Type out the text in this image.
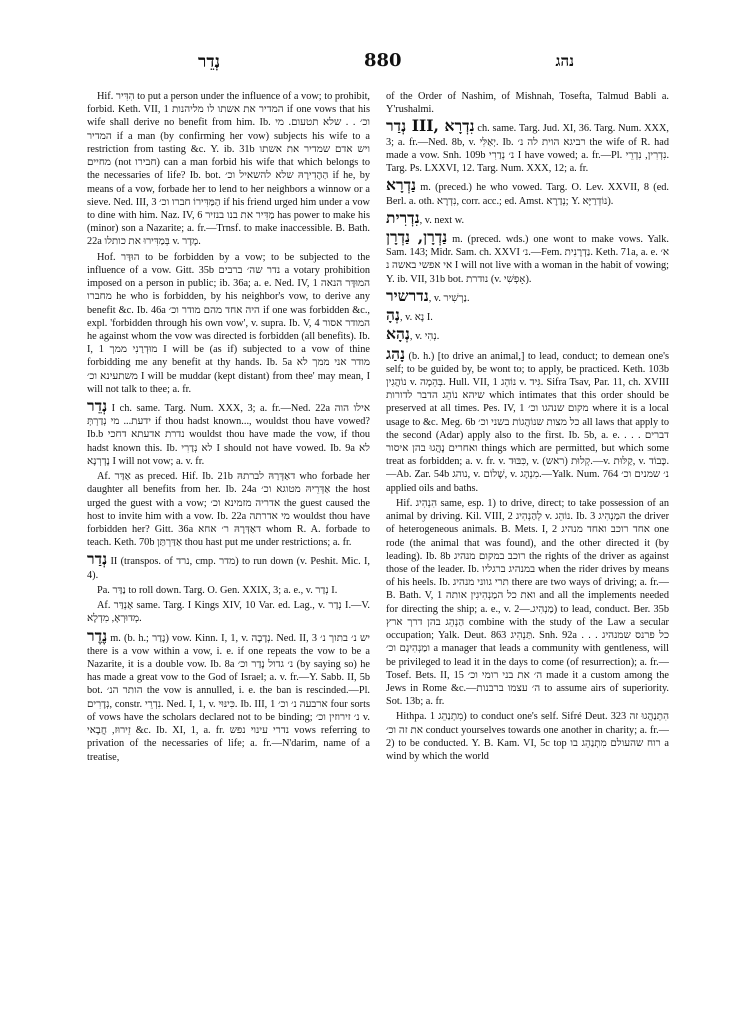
נְדֵר	880	נהג

Hif. הִדִּיר to put a person under the influence of a vow; to prohibit, forbid. Keth. VII, 1 המדיר את אשתו לו מליהנות if one vows that his wife shall derive no benefit from him. Ib. וכ׳ . . שלא תטעום. מי המדיר if a man (by confirming her vow) subjects his wife to a restriction from tasting &c. Y. ib. 31b ויש אדם שמדיר את אשתו מחיים (not חבירו) can a man forbid his wife that which belongs to the necessaries of life? Ib. bot. הַהֶדִירָהּ שלא להשאיל וכ׳ if he, by means of a vow, forbade her to lend to her neighbors a winnow or a sieve. Ned. III, 3 הַמַּדִּירוֹ חברו וכ׳ if his friend urged him under a vow to dine with him. Naz. IV, 6 מַדִּיר את בנו בנזיר has power to make his (minor) son a Nazarite; a. fr.—Trnsf. to make inaccessible. B. Bath. 22a בְּמַדִּירוּ את כותלו v. מָדָר.

Hof. הוּדַּר to be forbidden by a vow; to be subjected to the influence of a vow. Gitt. 35b נדר שה׳ ברבים a votary prohibition imposed on a person in public; ib. 36a; a. e. Ned. IV, 1 המוּדָּר הנאה מחברו he who is forbidden, by his neighbor's vow, to derive any benefit &c. Ib. 46a היה אחד מהם מודר וכ׳ if one was forbidden &c., expl. 'forbidden through his own vow', v. supra. Ib. V, 4 המודר אסור he against whom the vow was directed is forbidden (all benefits). Ib. I, 1 מוּדְרַנִי ממך I will be (as if) subjected to a vow of thine forbidding me any benefit at thy hands. Ib. 5a מודר אני ממך לא משתעינא וכ׳ I will be muddar (kept distant) from thee' may mean, I will not talk to thee; a. fr.

נְדֵר I ch. same. Targ. Num. XXX, 3; a. fr.—Ned. 22a אילו הוה ידעת... מי נְדַרְתְּ if thou hadst known..., wouldst thou have vowed? Ib.b נדרת אדעתא דחכי wouldst thou have made the vow, if thou hadst known this. Ib. לא נְדַרִי I should not have vowed. Ib. 9a לא נָדְרְנָא I will not vow; a. v. fr.

Af. אַדַּר as preced. Hif. Ib. 21b דאַדְּרַהּ לברתהּ who forbade her daughter all benefits from her. Ib. 24a אַדְּרֵיהּ מטוגא וכ׳ the host urged the guest with a vow; אדריה מזמינא וכ׳ the guest caused the host to invite him with a vow. Ib. 22a מי אדרתה wouldst thou have forbidden her? Gitt. 36a דאַדְּרָהּ ר׳ אחא whom R. A. forbade to teach. Keth. 70b אַדַּרְתַּן thou hast put me under restrictions; a. fr.

נְדַר II (transpos. of נרד, cmp. מדר) to run down (v. Peshit. Mic. I, 4).

Pa. נַדַּר to roll down. Targ. O. Gen. XXIX, 3; a. e., v. נְדַר I.

Af. אַנְדַּר same. Targ. I Kings XIV, 10 Var. ed. Lag., v. נְדַר I.—V. מְדוּרְאָ, מִדְלָא.

נֶדֶר m. (b. h.; נָדַר) vow. Kinn. I, 1, v. נְדָבָה. Ned. II, 3 יש נ׳ בתוך נ׳ there is a vow within a vow, i. e. if one repeats the vow to be a Nazarite, it is a double vow. Ib. 8a נ׳ גדול נָדַר וכ׳ (by saying so) he has made a great vow to the God of Israel; a. v. fr.—Y. Sabb. II, 5b bot. הותר הנ׳ the vow is annulled, i. e. the ban is rescinded.—Pl. נְדָרִים, constr. נִדְרֵי. Ned. I, 1, v. כִּינּוּי. Ib. III, 1 ארבעה נ׳ וכ׳ four sorts of vows have the scholars declared not to be binding; נ׳ זירוזין וכ׳ v. זֵירוּז, חֲבָאי &c. Ib. XI, 1, a. fr. נדרי עינוי נפש vows referring to privation of the necessaries of life; a. fr.—N'darim, name of a treatise,

of the Order of Nashim, of Mishnah, Tosefta, Talmud Babli a. Y'rushalmi.

נְדַר III, נִדְרָא ch. same. Targ. Jud. XI, 36. Targ. Num. XXX, 3; a. fr.—Ned. 8b, v. יְאַלִּי. Ib. רביגא הוית לה נ׳ the wife of R. had made a vow. Snh. 109b נ׳ נְדַרִי I have vowed; a. fr.—Pl. נִדְרִין, נִדְרֵי. Targ. Ps. LXXVI, 12. Targ. Num. XXX, 12; a. fr.

נַדְרָא m. (preced.) he who vowed. Targ. O. Lev. XXVII, 8 (ed. Berl. a. oth. נִדְרָא, corr. acc.; ed. Amst. נְדַרָא; Y. נוֹדְרַיָּא).

נִדְרִית, v. next w.

נַדְרָן, נַדְרָן m. (preced. wds.) one wont to make vows. Yalk. Sam. 143; Midr. Sam. ch. XXVI נ׳.—Fem. נַדְרָנִית. Keth. 71a, a. e. א׳ אי אפשי באשה נ I will not live with a woman in the habit of vowing; Y. ib. VII, 31b bot. נודרת (v. אָפְשִׁי).

נדרשיר, v. נַרְשִׁיר.

נְהָ, v. נָא I.

נְהָא, v. נְהִי.

נָהַג (b. h.) [to drive an animal,] to lead, conduct; to demean one's self; to be guided by, be wont to; to apply, be practiced. Keth. 103b נוֹהֲגִין v. בְּהֵמָה. Hull. VII, 1 נוֹהֵג v. גִּיד. Sifra Tsav, Par. 11, ch. XVIII שיהא נוֹהֵג הדבר לדורות which intimates that this order should be preserved at all times. Pes. IV, 1 מקום שנהגו וכ׳ where it is a local usage to &c. Meg. 6b כל מצות שנוֹהֲגוֹת בשני וכ׳ all laws that apply to the second (Adar) apply also to the first. Ib. 5b, a. e. דברים . . . ואחרים נָהֲגוּ בהן איסור things which are permitted, but which some treat as forbidden; a. v. fr. v. כִּבּוּד, v. קְלוּת (ראש).—v. קַלּוּת, v. כָּבוֹד.—Ab. Zar. 54b נוהג, v. שָׁלוֹם, v. מִנְהָג.—Yalk. Num. 764 נ׳ שמנים וכ׳ applied oils and baths.

Hif. הִנְהִיג same, esp. 1) to drive, direct; to take possession of an animal by driving. Kil. VIII, 2 לְהַנְהִיג v. נוֹהֵג. Ib. 3 המַנְהִיג the driver of heterogeneous animals. B. Mets. I, 2 אחד רוכב ואחד מנהיג one rode (the animal that was found), and the other directed it (by leading). Ib. 8b רוכב במקום מנהיג the rights of the driver as against those of the leader. Ib. במנהיג ברגליו when the rider drives by means of his heels. Ib. תרי גווני מנהיג there are two ways of driving; a. fr.—B. Bath. V, 1 ואת כל המַנְהִיגִין אותה and all the implements needed for directing the ship; a. e., v. מַנְהִיג.—2) to lead, conduct. Ber. 35b הַנְהֵג בהן דרך ארץ combine with the study of the Law a secular occupation; Yalk. Deut. 863 תַּנְהִיג. Snh. 92a כל פרנס שמנהיג . . . ומַנְהִיגָם וכ׳ a manager that leads a community with gentleness, will be privileged to lead it in the days to come (of resurrection); a. fr.—Tosef. Bets. II, 15 ה׳ את בני רומי וכ׳ made it a custom among the Jews in Rome &c.—ה׳ עצמו ברבנות to assume airs of superiority. Sot. 13b; a. fr.

Hithpa. מִתְנַהֵג 1) to conduct one's self. Sifré Deut. 323 הִתְנַהֲגוּ זה את זה וכ׳ conduct yourselves towards one another in charity; a. fr.—2) to be conducted. Y. B. Kam. VI, 5c top רוח שהעולם מִתְנַהֵג בו a wind by which the world
